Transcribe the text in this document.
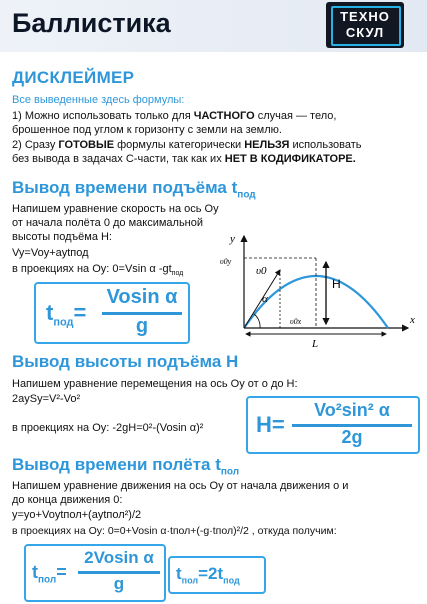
Баллистика	ТЕХНО
СКУЛ
ДИСКЛЕЙМЕР
Все выведенные здесь формулы:
1) Можно использовать только для ЧАСТНОГО случая — тело,
брошенное под углом к горизонту с земли на землю.
2) Сразу ГОТОВЫЕ формулы категорически НЕЛЬЗЯ использовать
без вывода в задачах С-части, так как их НЕТ В КОДИФИКАТОРЕ.
Вывод времени подъёма $t_{под}$
Напишем уравнение скорость на ось Оу
от начала полёта 0 до максимальной
высоты подъёма Н:
Vy=Voy+aytпод
в проекциях на Оу: 0=Vsin α $-gt_{под}$
$t_{под}=$
Vosin α
g
y
x
υ0y
υ0
α
υ0x
H
L
Вывод высоты подъёма Н
Напишем уравнение перемещения на ось Оу от о до Н:
2aySy=V²-Vo²
в проекциях на Оу: -2gH=0²-(Vosin α)² H=
Vo²sin² α
2g
Вывод времени полёта $t_{пол}$
Напишем уравнение движения на ось Оу от начала движения о и
до конца движения 0:
y=yo+Voytпол+(aytпол²)/2
в проекциях на Оу: 0=0+Vosin α·tпол+(-g·tпол)²/2 , откуда получим:
$t_{пол}=$
2Vosin α
g
$t_{пол}=2t_{под}$
